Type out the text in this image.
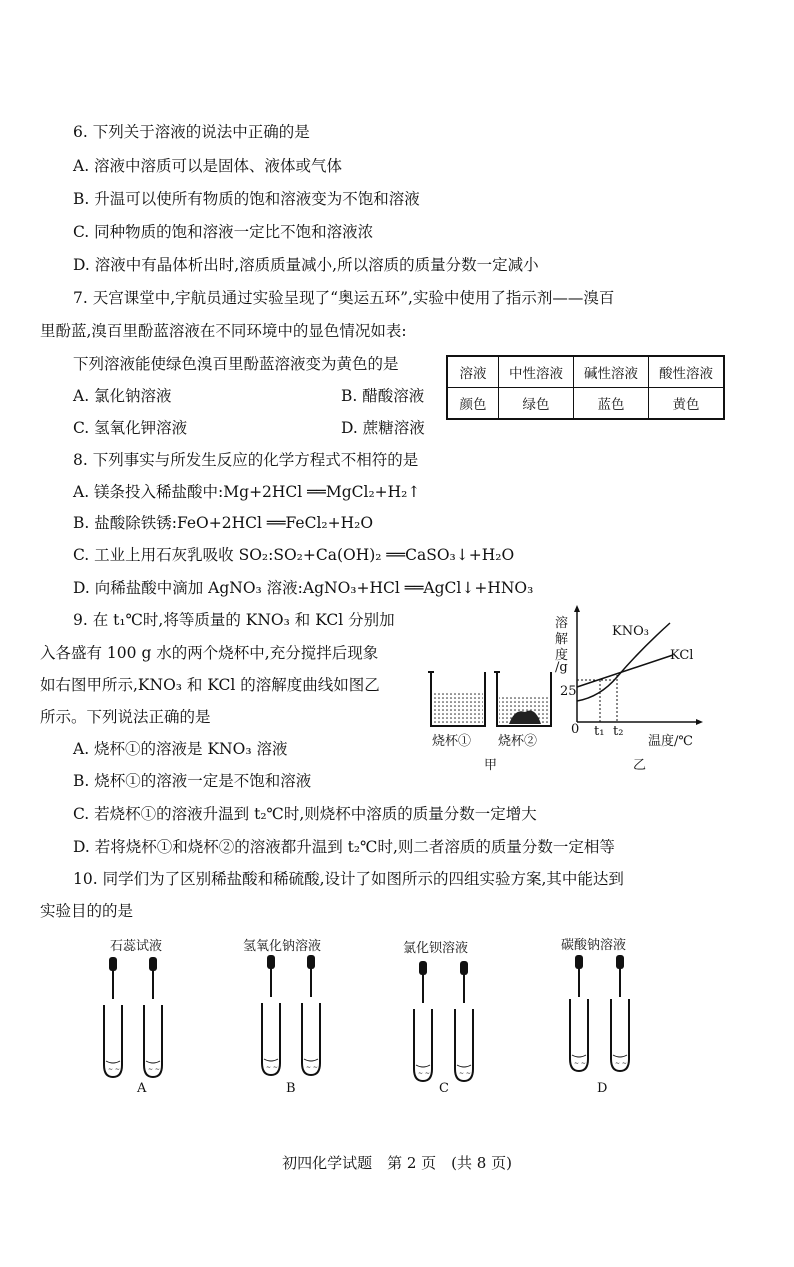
6. 下列关于溶液的说法中正确的是
A. 溶液中溶质可以是固体、液体或气体
B. 升温可以使所有物质的饱和溶液变为不饱和溶液
C. 同种物质的饱和溶液一定比不饱和溶液浓
D. 溶液中有晶体析出时,溶质质量减小,所以溶质的质量分数一定减小
7. 天宫课堂中,宇航员通过实验呈现了“奥运五环”,实验中使用了指示剂——溴百
里酚蓝,溴百里酚蓝溶液在不同环境中的显色情况如表:
下列溶液能使绿色溴百里酚蓝溶液变为黄色的是
A. 氯化钠溶液	B. 醋酸溶液
C. 氢氧化钾溶液	D. 蔗糖溶液
溶液	中性溶液	碱性溶液	酸性溶液
颜色	绿色	蓝色	黄色
8. 下列事实与所发生反应的化学方程式不相符的是
A. 镁条投入稀盐酸中:Mg+2HCl ══MgCl₂+H₂↑
B. 盐酸除铁锈:FeO+2HCl ══FeCl₂+H₂O
C. 工业上用石灰乳吸收 SO₂:SO₂+Ca(OH)₂ ══CaSO₃↓+H₂O
D. 向稀盐酸中滴加 AgNO₃ 溶液:AgNO₃+HCl ══AgCl↓+HNO₃
9. 在 t₁℃时,将等质量的 KNO₃ 和 KCl 分别加
入各盛有 100 g 水的两个烧杯中,充分搅拌后现象
如右图甲所示,KNO₃ 和 KCl 的溶解度曲线如图乙
所示。下列说法正确的是
A. 烧杯①的溶液是 KNO₃ 溶液
B. 烧杯①的溶液一定是不饱和溶液
C. 若烧杯①的溶液升温到 t₂℃时,则烧杯中溶质的质量分数一定增大
D. 若将烧杯①和烧杯②的溶液都升温到 t₂℃时,则二者溶质的质量分数一定相等
烧杯① 烧杯②
甲
溶
解
度
/g
25
0 t₁ t₂
温度/℃
KNO₃
KCl
乙
10. 同学们为了区别稀盐酸和稀硫酸,设计了如图所示的四组实验方案,其中能达到
实验目的的是
石蕊试液	氢氧化钠溶液	氯化钡溶液	碳酸钠溶液
~ ~
A	B	C	D
初四化学试题　第 2 页　(共 8 页)
